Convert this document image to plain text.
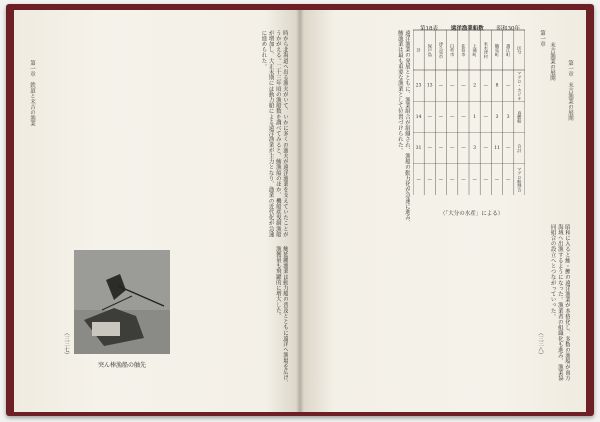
第一章　鉄道と末吉の漁業	時から北海道へ出る漁夫がいて、いかに多くの漁夫が遠洋漁業を支えていたことがうかがえる。二十三年頃の漁船数を調べてみると、鮪漁船のほか、機船底曳網漁船が増加し、大正末期には動力船による遠洋漁業が主力となり、漁業の近代化が急速に進められた。
鮪延縄漁業は動力船の普及とともに遠洋へ漁場を広げ、漁獲量も飛躍的に増大した。
突ん棒漁船の舳先
（三三七）
遠洋漁業の発展とともに、漁業組合が組織され、漁船の動力化が急速に進み、鮪漁業は最も重要な漁業として位置づけられた。
第18表 遠洋漁業船数 昭和30年
区分
マグロ・カジキ
真鰹船
合計
マグロ船割合
蒲江町
—
3
—
—
鶴見町
8
3
11
—
米水津村
—
—
—
—
上浦町
2
1
3
—
佐伯市
—
—
—
—
臼杵市
—
—
—
—
津久見市
—
—
—
—
保戸島
13
—
—
—
計
23
14
31
—
（「大分の水産」による）
第一章
末吉漁業の展開 第一章　末吉漁業の展開
昭和に入ると鮪・鰹の遠洋漁業が本格化し、多数の漁船が南方海域へ出漁するようになった。漁業者の組織化も進み、漁業協同組合の設立へとつながっていった。
（三三八）
